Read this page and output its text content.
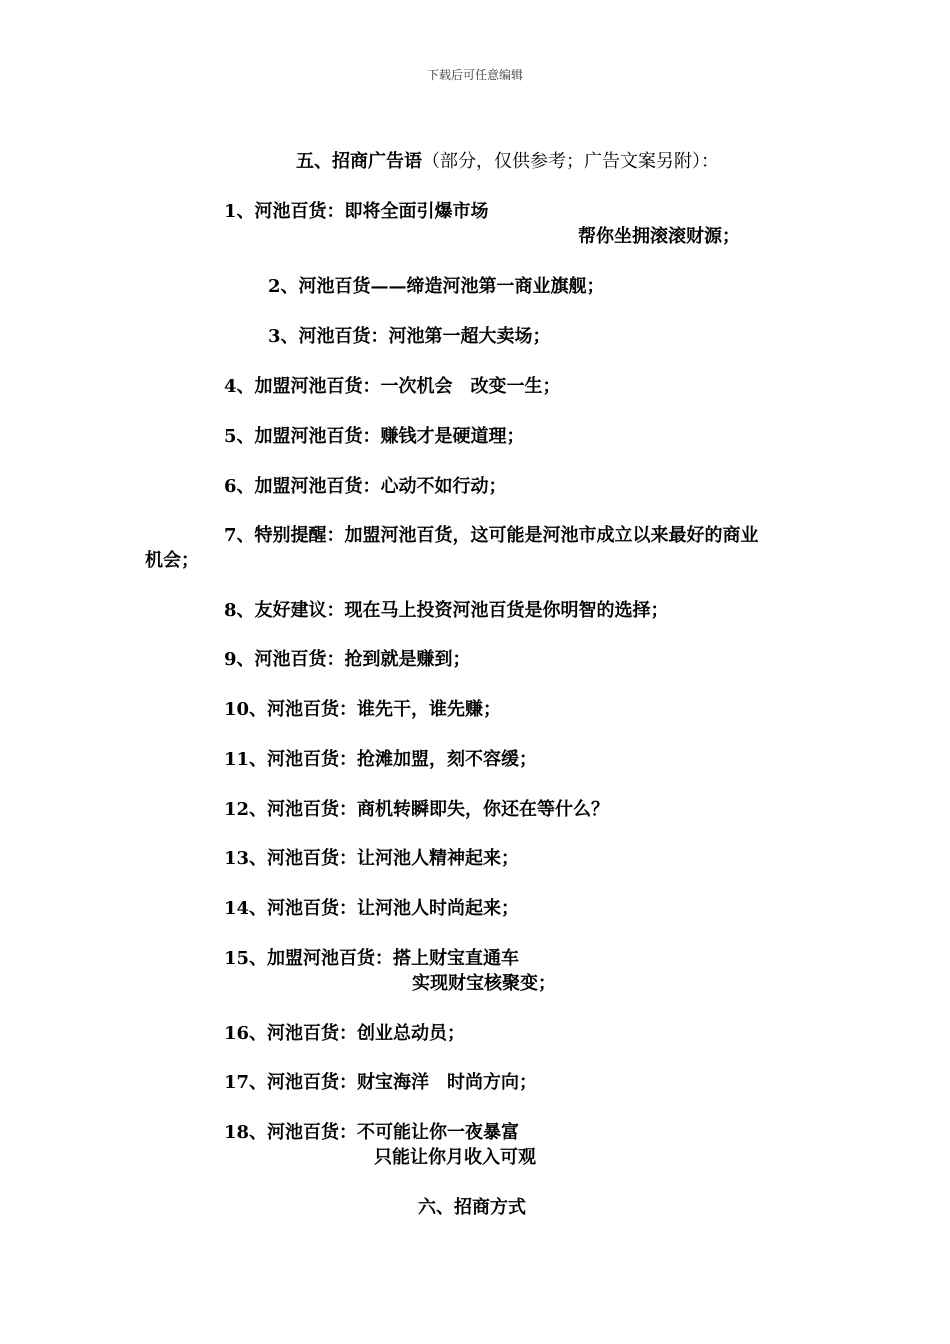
下载后可任意编辑
五、招商广告语（部分，仅供参考；广告文案另附）：
1、河池百货：即将全面引爆市场
帮你坐拥滚滚财源；
2、河池百货——缔造河池第一商业旗舰；
3、河池百货：河池第一超大卖场；
4、加盟河池百货：一次机会　改变一生；
5、加盟河池百货：赚钱才是硬道理；
6、加盟河池百货：心动不如行动；
7、特别提醒：加盟河池百货，这可能是河池市成立以来最好的商业
机会；
8、友好建议：现在马上投资河池百货是你明智的选择；
9、河池百货：抢到就是赚到；
10、河池百货：谁先干，谁先赚；
11、河池百货：抢滩加盟，刻不容缓；
12、河池百货：商机转瞬即失，你还在等什么？
13、河池百货：让河池人精神起来；
14、河池百货：让河池人时尚起来；
15、加盟河池百货：搭上财宝直通车
实现财宝核聚变；
16、河池百货：创业总动员；
17、河池百货：财宝海洋　时尚方向；
18、河池百货：不可能让你一夜暴富
只能让你月收入可观
六、招商方式
